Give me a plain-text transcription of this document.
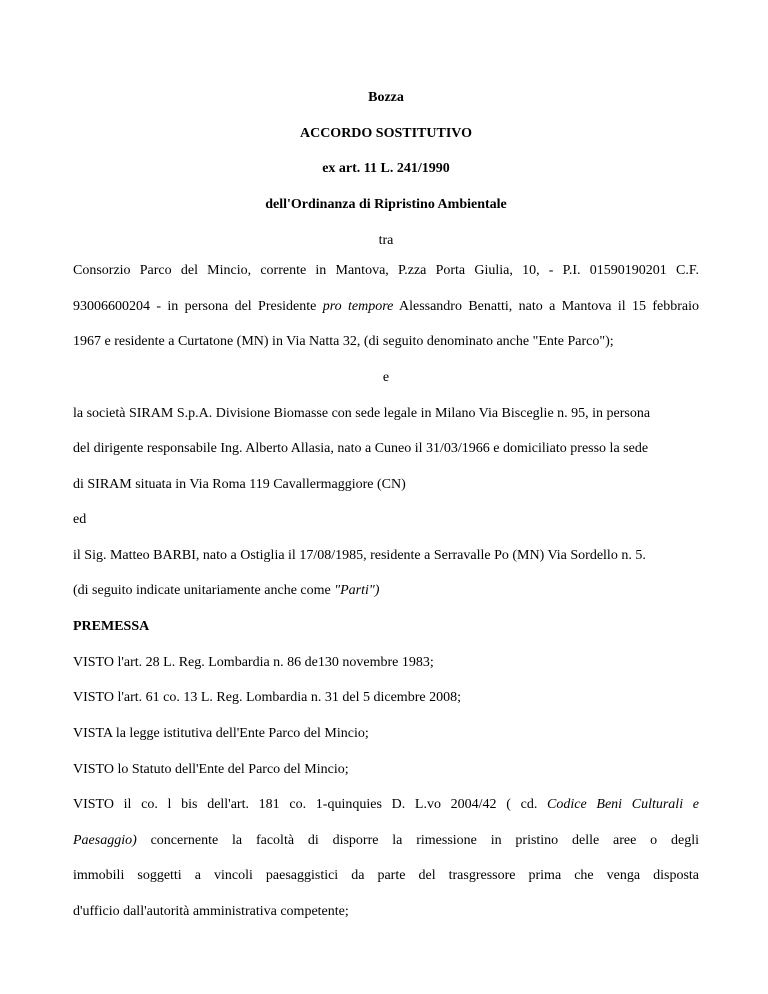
Bozza
ACCORDO SOSTITUTIVO
ex art. 11 L. 241/1990
dell'Ordinanza di Ripristino Ambientale
tra
Consorzio Parco del Mincio, corrente in Mantova, P.zza Porta Giulia, 10, - P.I. 01590190201 C.F.
93006600204 - in persona del Presidente pro tempore Alessandro Benatti, nato a Mantova il 15 febbraio
1967 e residente a Curtatone (MN) in Via Natta 32, (di seguito denominato anche "Ente Parco");
e
la società SIRAM S.p.A. Divisione Biomasse con sede legale in Milano Via Bisceglie n. 95, in persona
del dirigente responsabile Ing. Alberto Allasia, nato a Cuneo il 31/03/1966 e domiciliato presso la sede
di SIRAM situata in Via Roma 119 Cavallermaggiore (CN)
ed
il Sig. Matteo BARBI, nato a Ostiglia il 17/08/1985, residente a Serravalle Po (MN) Via Sordello n. 5.
(di seguito indicate unitariamente anche come "Parti")
PREMESSA
VISTO l'art. 28 L. Reg. Lombardia n. 86 de130 novembre 1983;
VISTO l'art. 61 co. 13 L. Reg. Lombardia n. 31 del 5 dicembre 2008;
VISTA la legge istitutiva dell'Ente Parco del Mincio;
VISTO lo Statuto dell'Ente del Parco del Mincio;
VISTO il co. l bis dell'art. 181 co. 1-quinquies D. L.vo 2004/42 ( cd. Codice Beni Culturali e
Paesaggio) concernente la facoltà di disporre la rimessione in pristino delle aree o degli
immobili soggetti a vincoli paesaggistici da parte del trasgressore prima che venga disposta
d'ufficio dall'autorità amministrativa competente;
